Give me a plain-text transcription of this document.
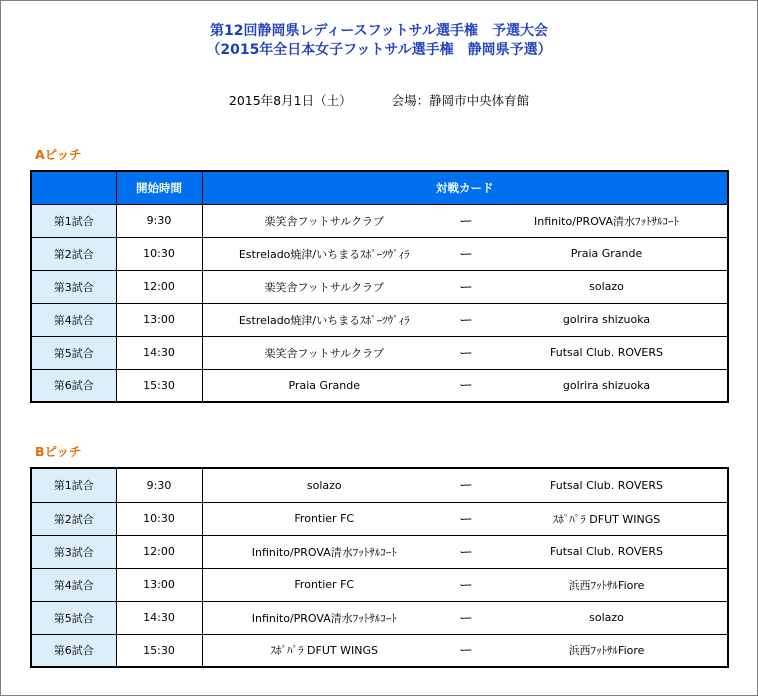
第12回静岡県レディースフットサル選手権　予選大会
（2015年全日本女子フットサル選手権　静岡県予選）
2015年8月1日（土）	会場：静岡市中央体育館
Aピッチ
	開始時間	対戦カード		
第1試合	9:30	楽笑舎フットサルクラブ	ー	Infinito/PROVA清水ﾌｯﾄｻﾙｺｰﾄ
第2試合	10:30	Estrelado焼津/いちまるｽﾎﾟｰﾂｳﾞｨﾗ	ー	Praia Grande
第3試合	12:00	楽笑舎フットサルクラブ	ー	solazo
第4試合	13:00	Estrelado焼津/いちまるｽﾎﾟｰﾂｳﾞｨﾗ	ー	golrira shizuoka
第5試合	14:30	楽笑舎フットサルクラブ	ー	Futsal Club. ROVERS
第6試合	15:30	Praia Grande	ー	golrira shizuoka
Bピッチ
第1試合	9:30	solazo	ー	Futsal Club. ROVERS
第2試合	10:30	Frontier FC	ー	ｽﾎﾟﾊﾟﾗ DFUT WINGS
第3試合	12:00	Infinito/PROVA清水ﾌｯﾄｻﾙｺｰﾄ	ー	Futsal Club. ROVERS
第4試合	13:00	Frontier FC	ー	浜西ﾌｯﾄｻﾙFiore
第5試合	14:30	Infinito/PROVA清水ﾌｯﾄｻﾙｺｰﾄ	ー	solazo
第6試合	15:30	ｽﾎﾟﾊﾟﾗ DFUT WINGS	ー	浜西ﾌｯﾄｻﾙFiore
